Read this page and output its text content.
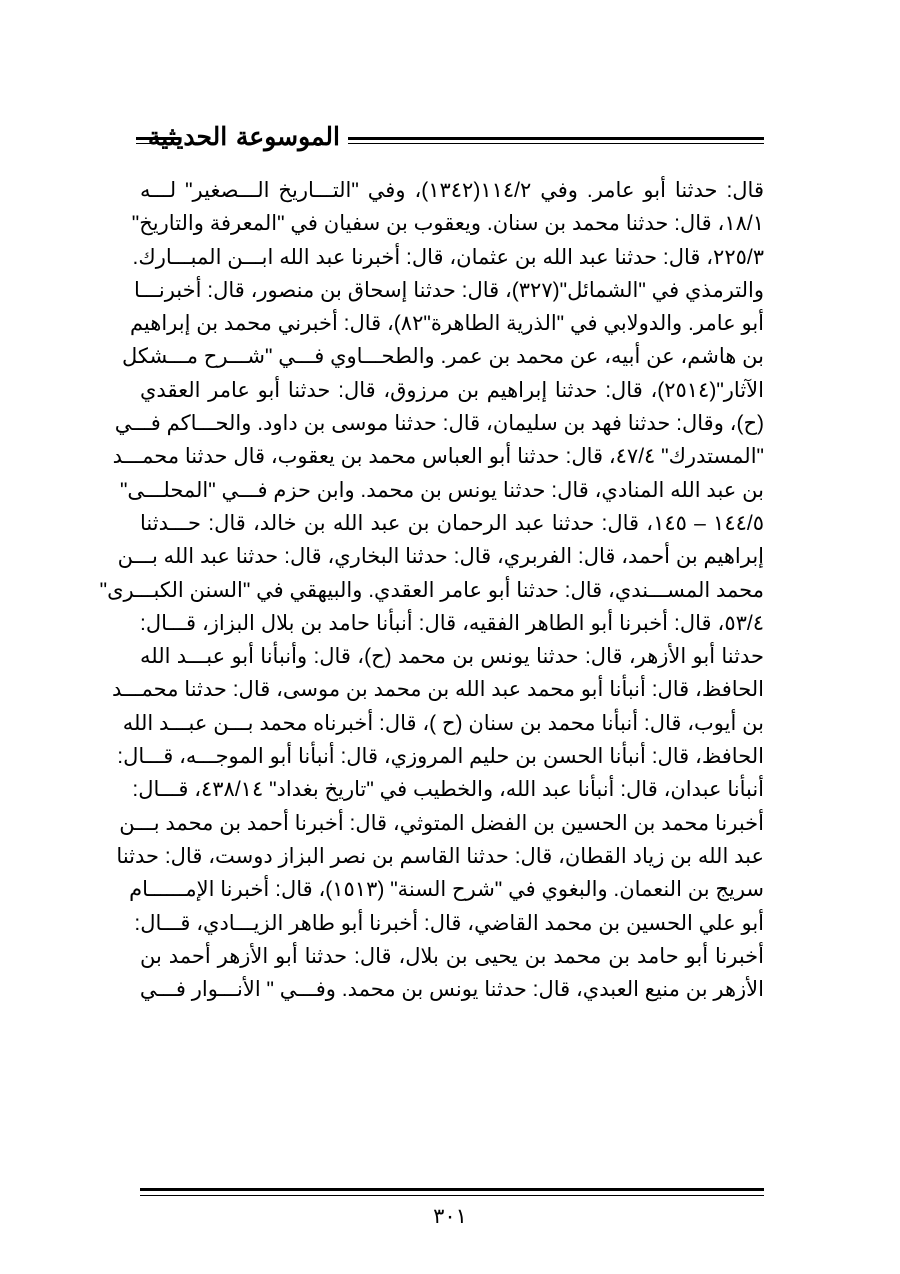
الموسوعة الحديثية
قال: حدثنا أبو عامر. وفي ١١٤/٢(١٣٤٢)، وفي "التـــاريخ الـــصغير" لـــه
١٨/١، قال: حدثنا محمد بن سنان. ويعقوب بن سفيان في "المعرفة والتاريخ"
٢٢٥/٣، قال: حدثنا عبد الله بن عثمان، قال: أخبرنا عبد الله ابـــن المبـــارك.
والترمذي في "الشمائل"(٣٢٧)، قال: حدثنا إسحاق بن منصور، قال: أخبرنـــا
أبو عامر. والدولابي في "الذرية الطاهرة"٨٢)، قال: أخبرني محمد بن إبراهيم
بن هاشم، عن أبيه، عن محمد بن عمر. والطحـــاوي فـــي "شـــرح مـــشكل
الآثار"(٢٥١٤)، قال: حدثنا إبراهيم بن مرزوق، قال: حدثنا أبو عامر العقدي
(ح)، وقال: حدثنا فهد بن سليمان، قال: حدثنا موسى بن داود. والحـــاكم فـــي
"المستدرك" ٤٧/٤، قال: حدثنا أبو العباس محمد بن يعقوب، قال حدثنا محمـــد
بن عبد الله المنادي، قال: حدثنا يونس بن محمد. وابن حزم فـــي "المحلـــى"
١٤٤/٥ – ١٤٥، قال: حدثنا عبد الرحمان بن عبد الله بن خالد، قال: حـــدثنا
إبراهيم بن أحمد، قال: الفربري، قال: حدثنا البخاري، قال: حدثنا عبد الله بـــن
محمد المســـندي، قال: حدثنا أبو عامر العقدي. والبيهقي في "السنن الكبـــرى"
٥٣/٤، قال: أخبرنا أبو الطاهر الفقيه، قال: أنبأنا حامد بن بلال البزاز، قـــال:
حدثنا أبو الأزهر، قال: حدثنا يونس بن محمد (ح)، قال: وأنبأنا أبو عبـــد الله
الحافظ، قال: أنبأنا أبو محمد عبد الله بن محمد بن موسى، قال: حدثنا محمـــد
بن أيوب، قال: أنبأنا محمد بن سنان (ح )، قال: أخبرناه محمد بـــن عبـــد الله
الحافظ، قال: أنبأنا الحسن بن حليم المروزي، قال: أنبأنا أبو الموجـــه، قـــال:
أنبأنا عبدان، قال: أنبأنا عبد الله، والخطيب في "تاريخ بغداد" ٤٣٨/١٤، قـــال:
أخبرنا محمد بن الحسين بن الفضل المتوثي، قال: أخبرنا أحمد بن محمد بـــن
عبد الله بن زياد القطان، قال: حدثنا القاسم بن نصر البزاز دوست، قال: حدثنا
سريج بن النعمان. والبغوي في "شرح السنة" (١٥١٣)، قال: أخبرنا الإمــــــام
أبو علي الحسين بن محمد القاضي، قال: أخبرنا أبو طاهر الزيـــادي، قـــال:
أخبرنا أبو حامد بن محمد بن يحيى بن بلال، قال: حدثنا أبو الأزهر أحمد بن
الأزهر بن منيع العبدي، قال: حدثنا يونس بن محمد. وفـــي " الأنـــوار فـــي
٣٠١
